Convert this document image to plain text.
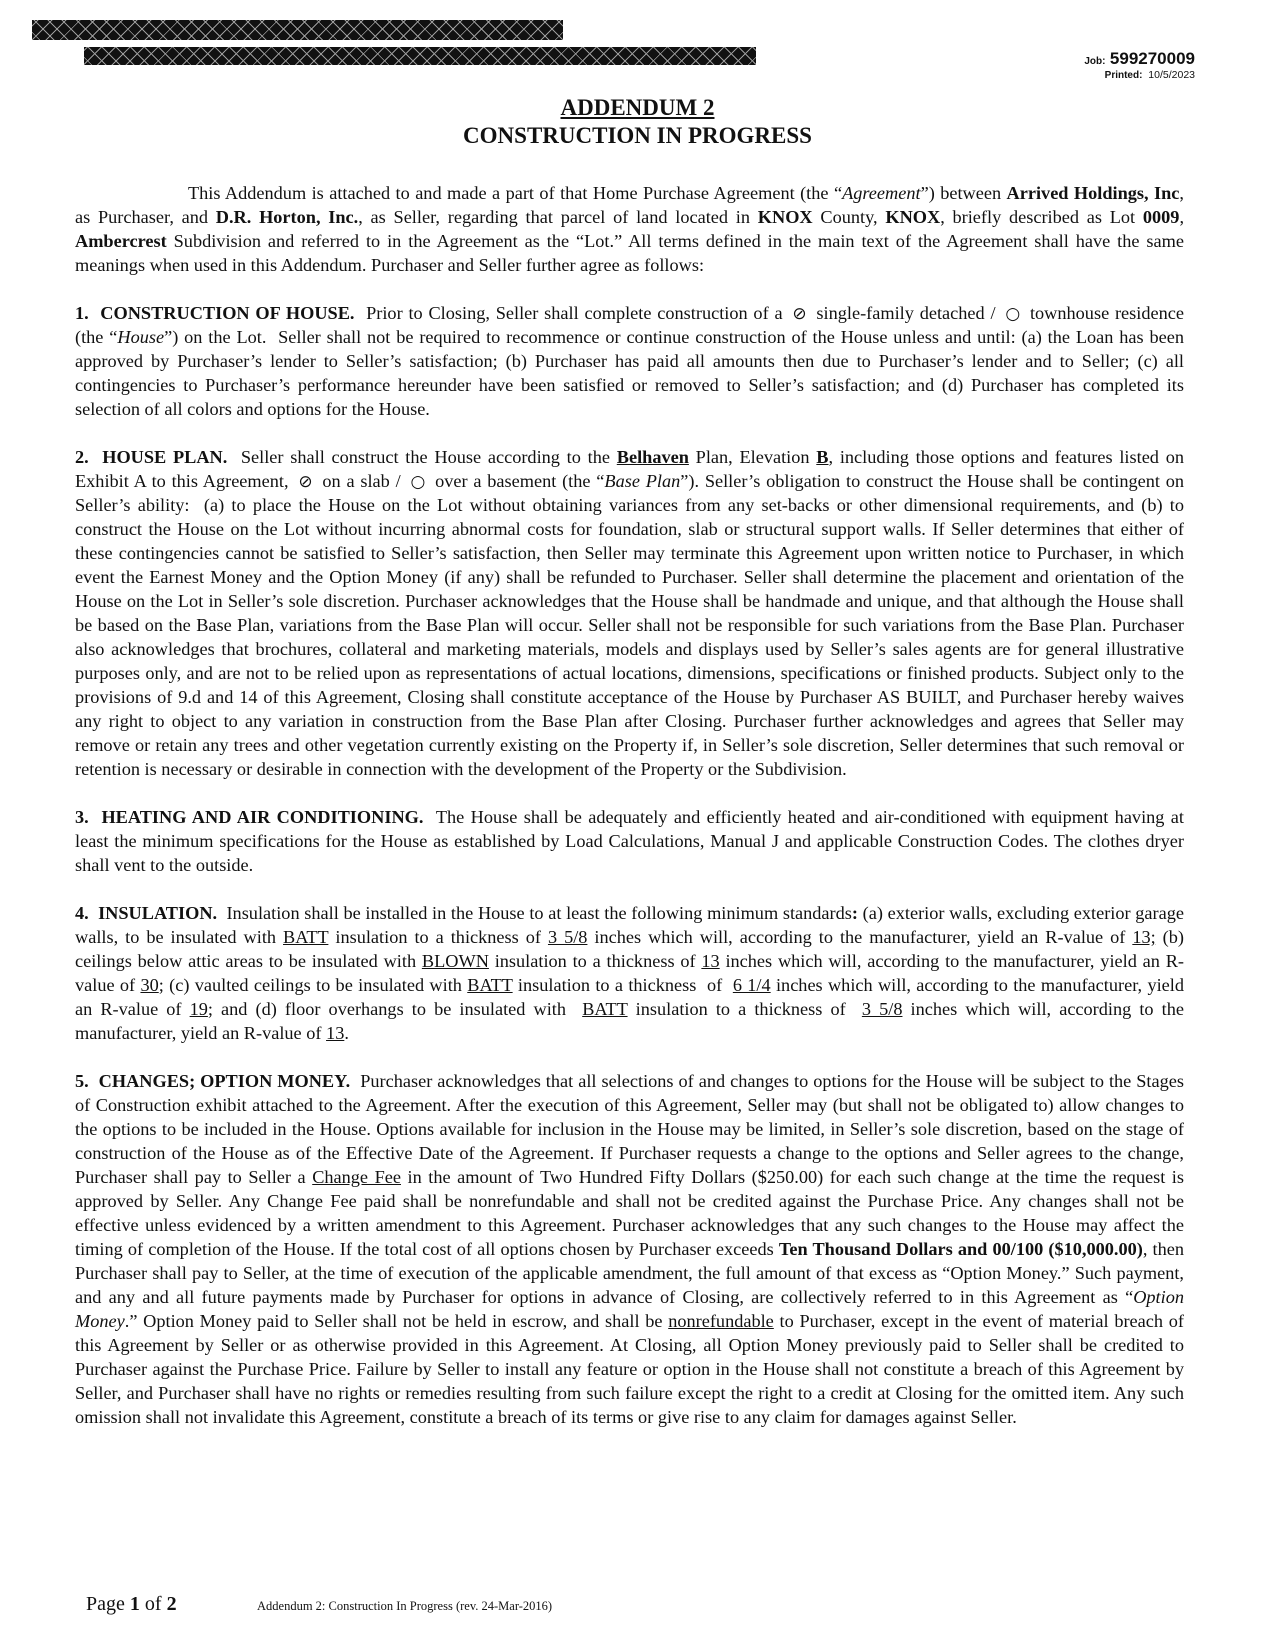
Job: 599270009
Printed: 10/5/2023
ADDENDUM 2
CONSTRUCTION IN PROGRESS

This Addendum is attached to and made a part of that Home Purchase Agreement (the “Agreement”) between Arrived Holdings, Inc, as Purchaser, and D.R. Horton, Inc., as Seller, regarding that parcel of land located in KNOX County, KNOX, briefly described as Lot 0009, Ambercrest Subdivision and referred to in the Agreement as the “Lot.” All terms defined in the main text of the Agreement shall have the same meanings when used in this Addendum. Purchaser and Seller further agree as follows:

1.  CONSTRUCTION OF HOUSE.  Prior to Closing, Seller shall complete construction of a ⊘ single-family detached / ○ townhouse residence (the “House”) on the Lot.  Seller shall not be required to recommence or continue construction of the House unless and until: (a) the Loan has been approved by Purchaser’s lender to Seller’s satisfaction; (b) Purchaser has paid all amounts then due to Purchaser’s lender and to Seller; (c) all contingencies to Purchaser’s performance hereunder have been satisfied or removed to Seller’s satisfaction; and (d) Purchaser has completed its selection of all colors and options for the House.

2.  HOUSE PLAN.  Seller shall construct the House according to the Belhaven Plan, Elevation B, including those options and features listed on Exhibit A to this Agreement, ⊘ on a slab / ○ over a basement (the “Base Plan”). Seller’s obligation to construct the House shall be contingent on Seller’s ability:  (a) to place the House on the Lot without obtaining variances from any set-backs or other dimensional requirements, and (b) to construct the House on the Lot without incurring abnormal costs for foundation, slab or structural support walls. If Seller determines that either of these contingencies cannot be satisfied to Seller’s satisfaction, then Seller may terminate this Agreement upon written notice to Purchaser, in which event the Earnest Money and the Option Money (if any) shall be refunded to Purchaser. Seller shall determine the placement and orientation of the House on the Lot in Seller’s sole discretion. Purchaser acknowledges that the House shall be handmade and unique, and that although the House shall be based on the Base Plan, variations from the Base Plan will occur. Seller shall not be responsible for such variations from the Base Plan. Purchaser also acknowledges that brochures, collateral and marketing materials, models and displays used by Seller’s sales agents are for general illustrative purposes only, and are not to be relied upon as representations of actual locations, dimensions, specifications or finished products. Subject only to the provisions of 9.d and 14 of this Agreement, Closing shall constitute acceptance of the House by Purchaser AS BUILT, and Purchaser hereby waives any right to object to any variation in construction from the Base Plan after Closing. Purchaser further acknowledges and agrees that Seller may remove or retain any trees and other vegetation currently existing on the Property if, in Seller’s sole discretion, Seller determines that such removal or retention is necessary or desirable in connection with the development of the Property or the Subdivision.

3.  HEATING AND AIR CONDITIONING.  The House shall be adequately and efficiently heated and air-conditioned with equipment having at least the minimum specifications for the House as established by Load Calculations, Manual J and applicable Construction Codes. The clothes dryer shall vent to the outside.

4.  INSULATION.  Insulation shall be installed in the House to at least the following minimum standards: (a) exterior walls, excluding exterior garage walls, to be insulated with BATT insulation to a thickness of 3 5/8 inches which will, according to the manufacturer, yield an R-value of 13; (b) ceilings below attic areas to be insulated with BLOWN insulation to a thickness of 13 inches which will, according to the manufacturer, yield an R-value of 30; (c) vaulted ceilings to be insulated with BATT insulation to a thickness  of  6 1/4 inches which will, according to the manufacturer, yield an R-value of 19; and (d) floor overhangs to be insulated with  BATT insulation to a thickness of  3 5/8 inches which will, according to the manufacturer, yield an R-value of 13.

5.  CHANGES; OPTION MONEY.  Purchaser acknowledges that all selections of and changes to options for the House will be subject to the Stages of Construction exhibit attached to the Agreement. After the execution of this Agreement, Seller may (but shall not be obligated to) allow changes to the options to be included in the House. Options available for inclusion in the House may be limited, in Seller’s sole discretion, based on the stage of construction of the House as of the Effective Date of the Agreement. If Purchaser requests a change to the options and Seller agrees to the change, Purchaser shall pay to Seller a Change Fee in the amount of Two Hundred Fifty Dollars ($250.00) for each such change at the time the request is approved by Seller. Any Change Fee paid shall be nonrefundable and shall not be credited against the Purchase Price. Any changes shall not be effective unless evidenced by a written amendment to this Agreement. Purchaser acknowledges that any such changes to the House may affect the timing of completion of the House. If the total cost of all options chosen by Purchaser exceeds Ten Thousand Dollars and 00/100 ($10,000.00), then Purchaser shall pay to Seller, at the time of execution of the applicable amendment, the full amount of that excess as “Option Money.” Such payment, and any and all future payments made by Purchaser for options in advance of Closing, are collectively referred to in this Agreement as “Option Money.” Option Money paid to Seller shall not be held in escrow, and shall be nonrefundable to Purchaser, except in the event of material breach of this Agreement by Seller or as otherwise provided in this Agreement. At Closing, all Option Money previously paid to Seller shall be credited to Purchaser against the Purchase Price. Failure by Seller to install any feature or option in the House shall not constitute a breach of this Agreement by Seller, and Purchaser shall have no rights or remedies resulting from such failure except the right to a credit at Closing for the omitted item. Any such omission shall not invalidate this Agreement, constitute a breach of its terms or give rise to any claim for damages against Seller.

Page 1 of 2	Addendum 2: Construction In Progress (rev. 24-Mar-2016)
